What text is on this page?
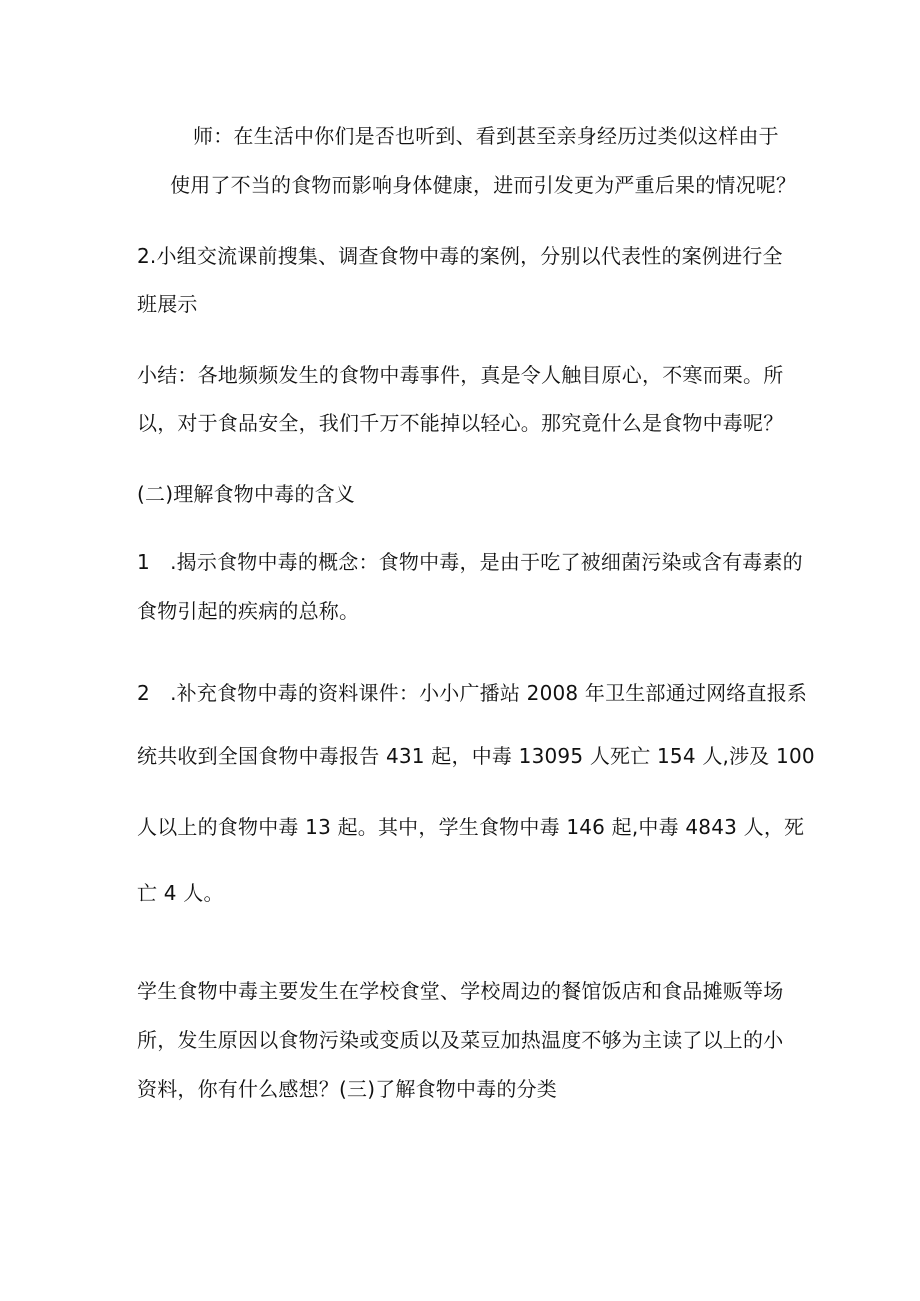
师：在生活中你们是否也听到、看到甚至亲身经历过类似这样由于
使用了不当的食物而影响身体健康，进而引发更为严重后果的情况呢？
2.小组交流课前搜集、调查食物中毒的案例，分别以代表性的案例进行全
班展示
小结：各地频频发生的食物中毒事件，真是令人触目原心，不寒而栗。所
以，对于食品安全，我们千万不能掉以轻心。那究竟什么是食物中毒呢？
(二)理解食物中毒的含义
1　.揭示食物中毒的概念：食物中毒，是由于吃了被细菌污染或含有毒素的
食物引起的疾病的总称。
2　.补充食物中毒的资料课件：小小广播站 2008 年卫生部通过网络直报系
统共收到全国食物中毒报告 431 起，中毒 13095 人死亡 154 人,涉及 100
人以上的食物中毒 13 起。其中，学生食物中毒 146 起,中毒 4843 人，死
亡 4 人。
学生食物中毒主要发生在学校食堂、学校周边的餐馆饭店和食品摊贩等场
所，发生原因以食物污染或变质以及菜豆加热温度不够为主读了以上的小
资料，你有什么感想？(三)了解食物中毒的分类
